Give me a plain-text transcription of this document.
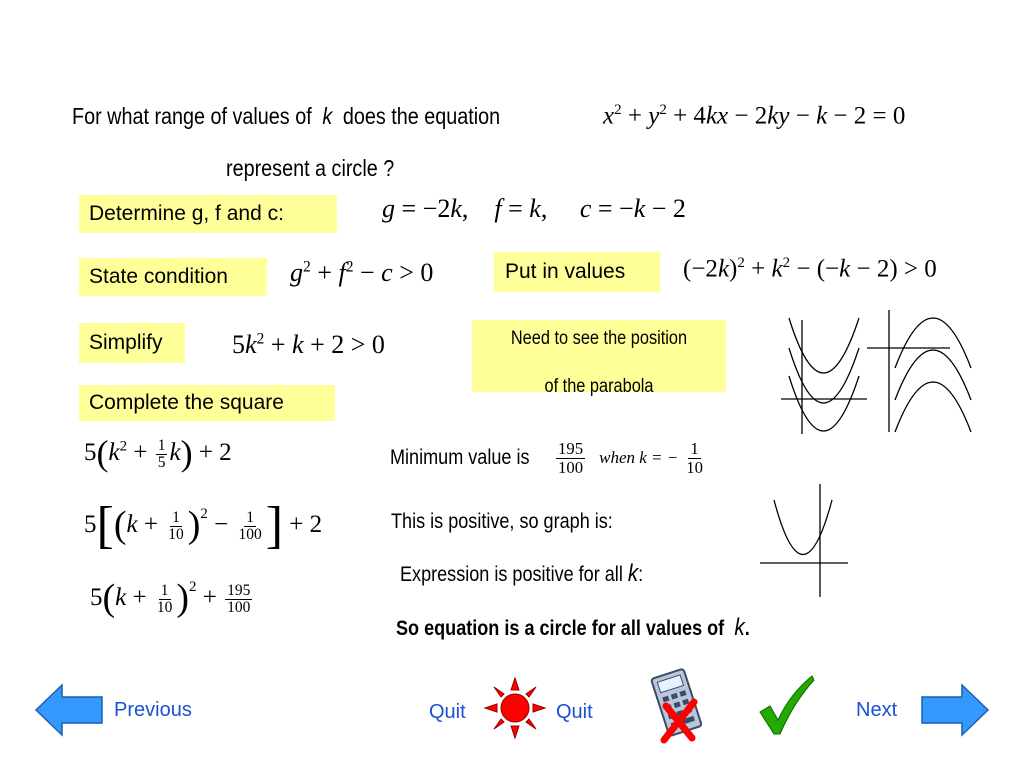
For what range of values of k does the equation	$x^2 + y^2 + 4kx - 2ky - k - 2 = 0$
represent a circle ?
Determine g, f and c:	g = −2k,    f = k,     c = −k − 2
State condition	$g^2 + f^2 - c > 0$	Put in values	$(-2k)^2 + k^2 - (-k - 2) > 0$
Simplify	$5k^2 + k + 2 > 0$	Need to see the position
of the parabola
Complete the square
$5(k^2 + \frac{1}{5} k) + 2$
$5[(k + \frac{1}{10} )^2 - \frac{1}{100}$ ] + 2
$5(k + \frac{1}{10} )^2 + \frac{195}{100}$
Minimum value is $\frac{195}{100}$ when k = − $\frac{1}{10}$
This is positive, so graph is:
Expression is positive for all k:
So equation is a circle for all values of k.
Previous	Quit	Quit	Next
